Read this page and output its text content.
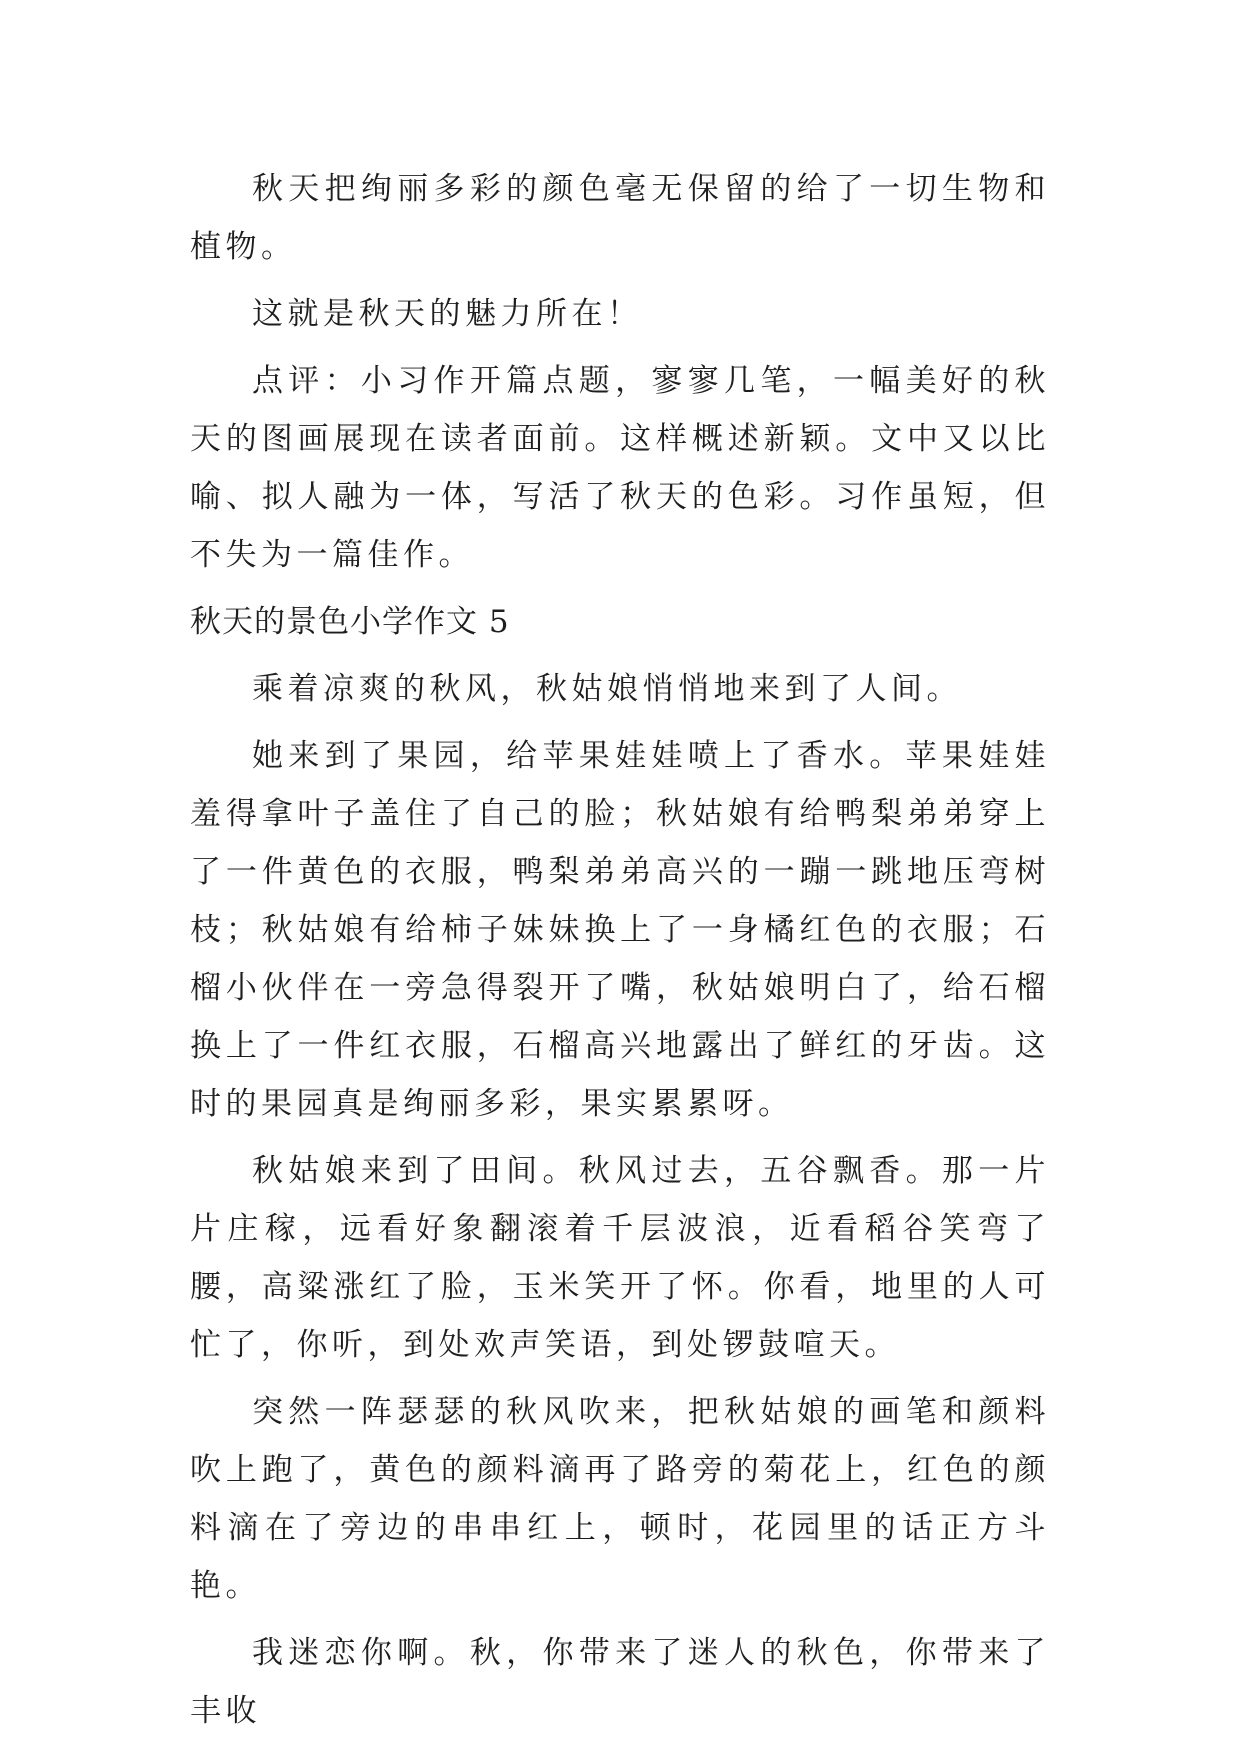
秋天把绚丽多彩的颜色毫无保留的给了一切生物和植物。

这就是秋天的魅力所在！

点评：小习作开篇点题，寥寥几笔，一幅美好的秋天的图画展现在读者面前。这样概述新颖。文中又以比喻、拟人融为一体，写活了秋天的色彩。习作虽短，但不失为一篇佳作。

秋天的景色小学作文 5

乘着凉爽的秋风，秋姑娘悄悄地来到了人间。

她来到了果园，给苹果娃娃喷上了香水。苹果娃娃羞得拿叶子盖住了自己的脸；秋姑娘有给鸭梨弟弟穿上了一件黄色的衣服，鸭梨弟弟高兴的一蹦一跳地压弯树枝；秋姑娘有给柿子妹妹换上了一身橘红色的衣服；石榴小伙伴在一旁急得裂开了嘴，秋姑娘明白了，给石榴换上了一件红衣服，石榴高兴地露出了鲜红的牙齿。这时的果园真是绚丽多彩，果实累累呀。

秋姑娘来到了田间。秋风过去，五谷飘香。那一片片庄稼，远看好象翻滚着千层波浪，近看稻谷笑弯了腰，高粱涨红了脸，玉米笑开了怀。你看，地里的人可忙了，你听，到处欢声笑语，到处锣鼓喧天。

突然一阵瑟瑟的秋风吹来，把秋姑娘的画笔和颜料吹上跑了，黄色的颜料滴再了路旁的菊花上，红色的颜料滴在了旁边的串串红上，顿时，花园里的话正方斗艳。

我迷恋你啊。秋，你带来了迷人的秋色，你带来了丰收
